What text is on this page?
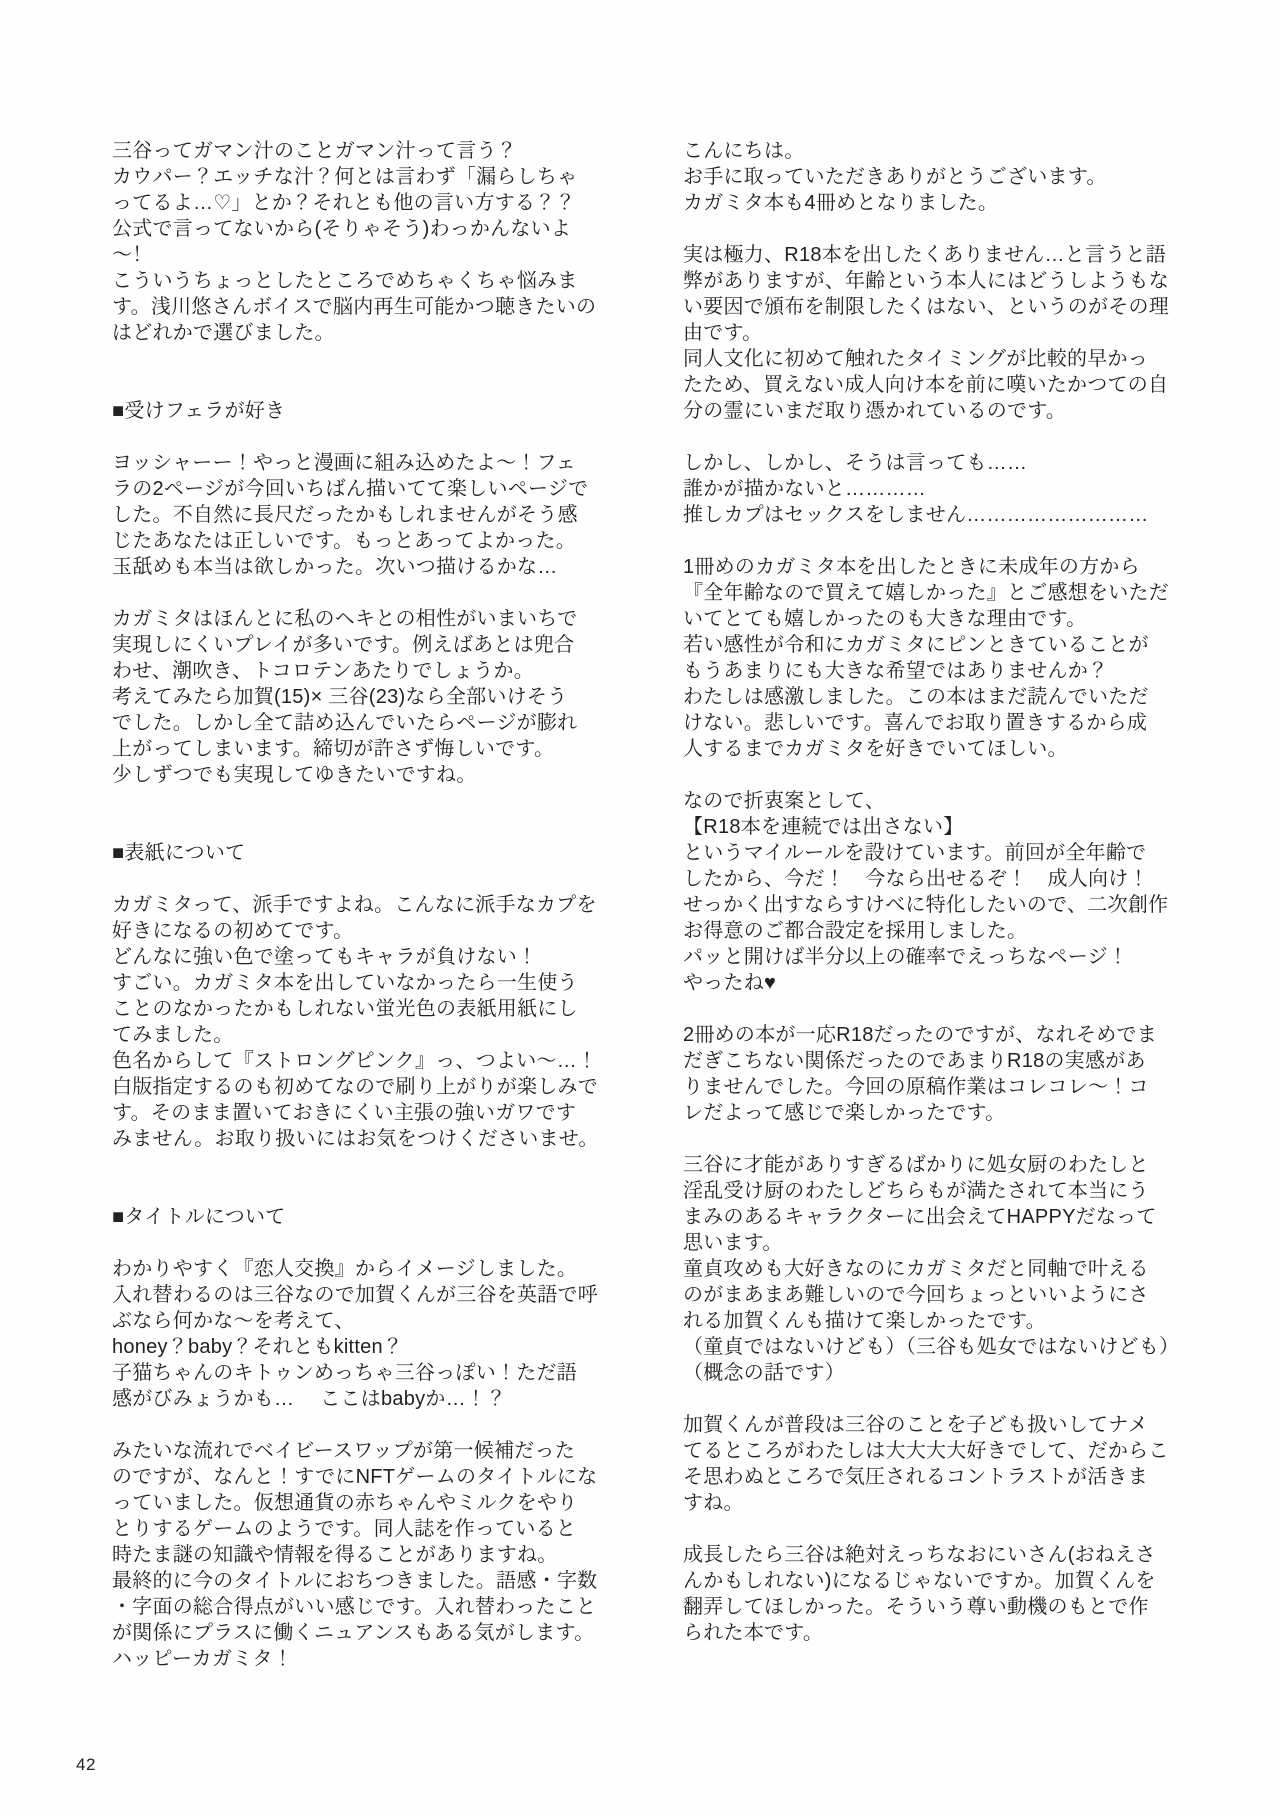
三谷ってガマン汁のことガマン汁って言う？
カウパー？エッチな汁？何とは言わず「漏らしちゃ
ってるよ…♡」とか？それとも他の言い方する？？
公式で言ってないから(そりゃそう)わっかんないよ
〜！
こういうちょっとしたところでめちゃくちゃ悩みま
す。浅川悠さんボイスで脳内再生可能かつ聴きたいの
はどれかで選びました。

■受けフェラが好き

ヨッシャーー！やっと漫画に組み込めたよ〜！フェ
ラの2ページが今回いちばん描いてて楽しいページで
した。不自然に長尺だったかもしれませんがそう感
じたあなたは正しいです。もっとあってよかった。
玉舐めも本当は欲しかった。次いつ描けるかな…

カガミタはほんとに私のヘキとの相性がいまいちで
実現しにくいプレイが多いです。例えばあとは兜合
わせ、潮吹き、トコロテンあたりでしょうか。
考えてみたら加賀(15)× 三谷(23)なら全部いけそう
でした。しかし全て詰め込んでいたらページが膨れ
上がってしまいます。締切が許さず悔しいです。
少しずつでも実現してゆきたいですね。

■表紙について

カガミタって、派手ですよね。こんなに派手なカプを
好きになるの初めてです。
どんなに強い色で塗ってもキャラが負けない！
すごい。カガミタ本を出していなかったら一生使う
ことのなかったかもしれない蛍光色の表紙用紙にし
てみました。
色名からして『ストロングピンク』っ、つよい〜…！
白版指定するのも初めてなので刷り上がりが楽しみで
す。そのまま置いておきにくい主張の強いガワです
みません。お取り扱いにはお気をつけくださいませ。

■タイトルについて

わかりやすく『恋人交換』からイメージしました。
入れ替わるのは三谷なので加賀くんが三谷を英語で呼
ぶなら何かな〜を考えて、
honey？baby？それともkitten？
子猫ちゃんのキトゥンめっちゃ三谷っぽい！ただ語
感がびみょうかも…　 ここはbabyか…！？

みたいな流れでベイビースワップが第一候補だった
のですが、なんと！すでにNFTゲームのタイトルにな
っていました。仮想通貨の赤ちゃんやミルクをやり
とりするゲームのようです。同人誌を作っていると
時たま謎の知識や情報を得ることがありますね。
最終的に今のタイトルにおちつきました。語感・字数
・字面の総合得点がいい感じです。入れ替わったこと
が関係にプラスに働くニュアンスもある気がします。
ハッピーカガミタ！
こんにちは。
お手に取っていただきありがとうございます。
カガミタ本も4冊めとなりました。

実は極力、R18本を出したくありません…と言うと語
弊がありますが、年齢という本人にはどうしようもな
い要因で頒布を制限したくはない、というのがその理
由です。
同人文化に初めて触れたタイミングが比較的早かっ
たため、買えない成人向け本を前に嘆いたかつての自
分の霊にいまだ取り憑かれているのです。

しかし、しかし、そうは言っても……
誰かが描かないと…………
推しカプはセックスをしません………………………

1冊めのカガミタ本を出したときに未成年の方から
『全年齢なので買えて嬉しかった』とご感想をいただ
いてとても嬉しかったのも大きな理由です。
若い感性が令和にカガミタにピンときていることが
もうあまりにも大きな希望ではありませんか？
わたしは感激しました。この本はまだ読んでいただ
けない。悲しいです。喜んでお取り置きするから成
人するまでカガミタを好きでいてほしい。

なので折衷案として、
【R18本を連続では出さない】
というマイルールを設けています。前回が全年齢で
したから、今だ！　今なら出せるぞ！　成人向け！
せっかく出すならすけべに特化したいので、二次創作
お得意のご都合設定を採用しました。
パッと開けば半分以上の確率でえっちなページ！
やったね♥

2冊めの本が一応R18だったのですが、なれそめでま
だぎこちない関係だったのであまりR18の実感があ
りませんでした。今回の原稿作業はコレコレ〜！コ
レだよって感じで楽しかったです。

三谷に才能がありすぎるばかりに処女厨のわたしと
淫乱受け厨のわたしどちらもが満たされて本当にう
まみのあるキャラクターに出会えてHAPPYだなって
思います。
童貞攻めも大好きなのにカガミタだと同軸で叶える
のがまあまあ難しいので今回ちょっといいようにさ
れる加賀くんも描けて楽しかったです。
（童貞ではないけども）（三谷も処女ではないけども）
（概念の話です）

加賀くんが普段は三谷のことを子ども扱いしてナメ
てるところがわたしは大大大大好きでして、だからこ
そ思わぬところで気圧されるコントラストが活きま
すね。

成長したら三谷は絶対えっちなおにいさん(おねえさ
んかもしれない)になるじゃないですか。加賀くんを
翻弄してほしかった。そういう尊い動機のもとで作
られた本です。
42
